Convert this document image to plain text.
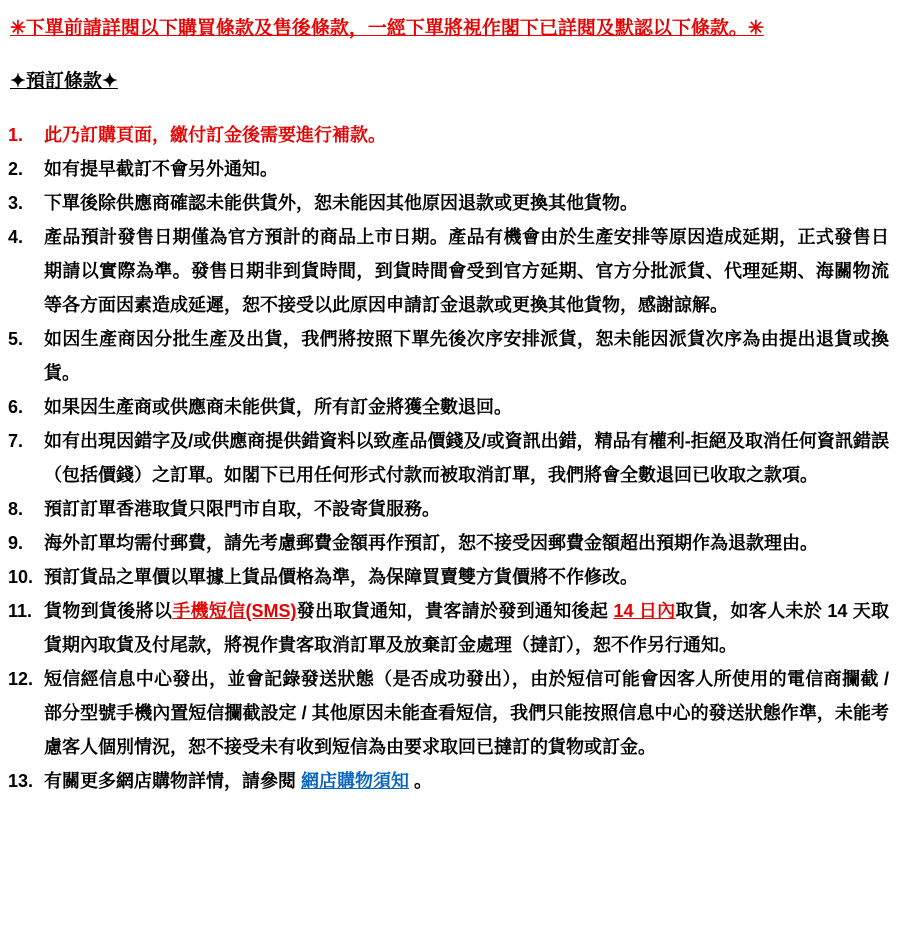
✳下單前請詳閱以下購買條款及售後條款，一經下單將視作閣下已詳閱及默認以下條款。✳
✦預訂條款✦
1.	此乃訂購頁面，繳付訂金後需要進行補款。
2.	如有提早截訂不會另外通知。
3.	下單後除供應商確認未能供貨外，恕未能因其他原因退款或更換其他貨物。
4.	產品預計發售日期僅為官方預計的商品上市日期。產品有機會由於生產安排等原因造成延期，正式發售日期請以實際為準。發售日期非到貨時間，到貨時間會受到官方延期、官方分批派貨、代理延期、海關物流等各方面因素造成延遲，恕不接受以此原因申請訂金退款或更換其他貨物，感謝諒解。
5.	如因生產商因分批生產及出貨，我們將按照下單先後次序安排派貨，恕未能因派貨次序為由提出退貨或換貨。
6.	如果因生產商或供應商未能供貨，所有訂金將獲全數退回。
7.	如有出現因錯字及/或供應商提供錯資料以致產品價錢及/或資訊出錯，精品有權利-拒絕及取消任何資訊錯誤（包括價錢）之訂單。如閣下已用任何形式付款而被取消訂單，我們將會全數退回已收取之款項。
8.	預訂訂單香港取貨只限門市自取，不設寄貨服務。
9.	海外訂單均需付郵費，請先考慮郵費金額再作預訂，恕不接受因郵費金額超出預期作為退款理由。
10. 預訂貨品之單價以單據上貨品價格為準，為保障買賣雙方貨價將不作修改。
11. 貨物到貨後將以手機短信(SMS)發出取貨通知，貴客請於發到通知後起 14 日內取貨，如客人未於 14 天取貨期內取貨及付尾款，將視作貴客取消訂單及放棄訂金處理（撻訂），恕不作另行通知。
12. 短信經信息中心發出，並會記錄發送狀態（是否成功發出），由於短信可能會因客人所使用的電信商攔截 / 部分型號手機內置短信攔截設定 / 其他原因未能查看短信，我們只能按照信息中心的發送狀態作準，未能考慮客人個別情況，恕不接受未有收到短信為由要求取回已撻訂的貨物或訂金。
13. 有關更多網店購物詳情，請參閱 網店購物須知 。
